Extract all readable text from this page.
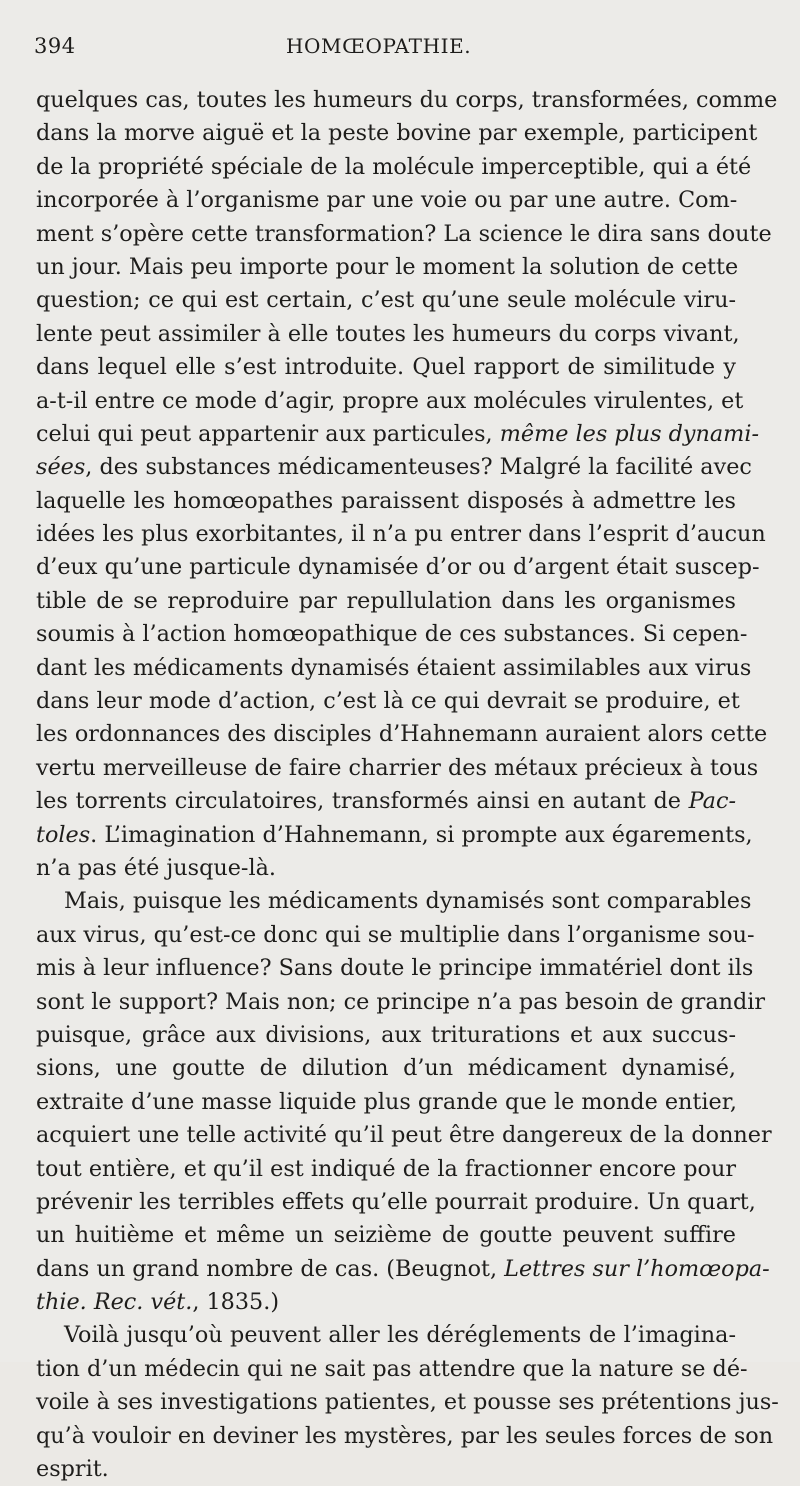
394	HOMŒOPATHIE.
quelques cas, toutes les humeurs du corps, transformées, comme
dans la morve aiguë et la peste bovine par exemple, participent
de la propriété spéciale de la molécule imperceptible, qui a été
incorporée à l’organisme par une voie ou par une autre. Com-
ment s’opère cette transformation? La science le dira sans doute
un jour. Mais peu importe pour le moment la solution de cette
question; ce qui est certain, c’est qu’une seule molécule viru-
lente peut assimiler à elle toutes les humeurs du corps vivant,
dans lequel elle s’est introduite. Quel rapport de similitude y
a-t-il entre ce mode d’agir, propre aux molécules virulentes, et
celui qui peut appartenir aux particules, même les plus dynami-
sées, des substances médicamenteuses? Malgré la facilité avec
laquelle les homœopathes paraissent disposés à admettre les
idées les plus exorbitantes, il n’a pu entrer dans l’esprit d’aucun
d’eux qu’une particule dynamisée d’or ou d’argent était suscep-
tible de se reproduire par repullulation dans les organismes
soumis à l’action homœopathique de ces substances. Si cepen-
dant les médicaments dynamisés étaient assimilables aux virus
dans leur mode d’action, c’est là ce qui devrait se produire, et
les ordonnances des disciples d’Hahnemann auraient alors cette
vertu merveilleuse de faire charrier des métaux précieux à tous
les torrents circulatoires, transformés ainsi en autant de Pac-
toles. L’imagination d’Hahnemann, si prompte aux égarements,
n’a pas été jusque-là.
Mais, puisque les médicaments dynamisés sont comparables
aux virus, qu’est-ce donc qui se multiplie dans l’organisme sou-
mis à leur influence? Sans doute le principe immatériel dont ils
sont le support? Mais non; ce principe n’a pas besoin de grandir
puisque, grâce aux divisions, aux triturations et aux succus-
sions, une goutte de dilution d’un médicament dynamisé,
extraite d’une masse liquide plus grande que le monde entier,
acquiert une telle activité qu’il peut être dangereux de la donner
tout entière, et qu’il est indiqué de la fractionner encore pour
prévenir les terribles effets qu’elle pourrait produire. Un quart,
un huitième et même un seizième de goutte peuvent suffire
dans un grand nombre de cas. (Beugnot, Lettres sur l’homœopa-
thie. Rec. vét., 1835.)
Voilà jusqu’où peuvent aller les déréglements de l’imagina-
tion d’un médecin qui ne sait pas attendre que la nature se dé-
voile à ses investigations patientes, et pousse ses prétentions jus-
qu’à vouloir en deviner les mystères, par les seules forces de son
esprit.
